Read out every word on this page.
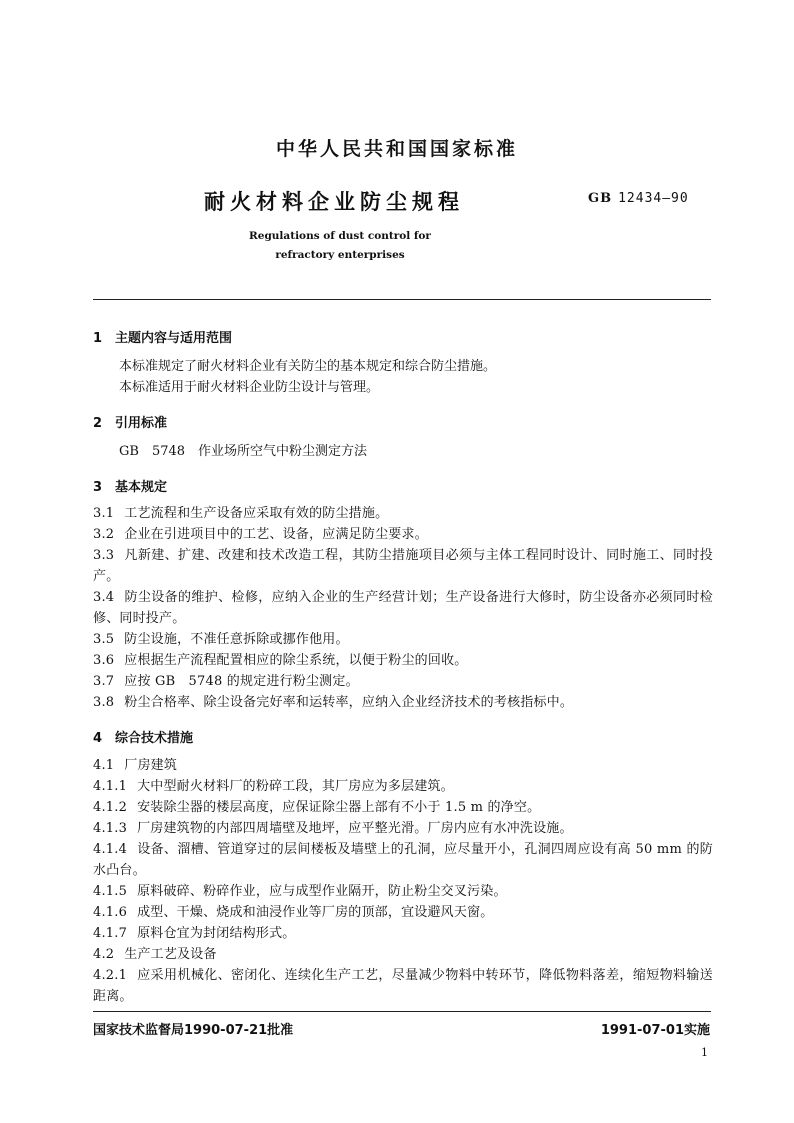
中华人民共和国国家标准
耐火材料企业防尘规程	GB 12434—90
Regulations of dust control for
refractory enterprises
1 主题内容与适用范围
本标准规定了耐火材料企业有关防尘的基本规定和综合防尘措施。
本标准适用于耐火材料企业防尘设计与管理。
2 引用标准
GB　5748　作业场所空气中粉尘测定方法
3 基本规定
3.1 工艺流程和生产设备应采取有效的防尘措施。
3.2 企业在引进项目中的工艺、设备，应满足防尘要求。
3.3 凡新建、扩建、改建和技术改造工程，其防尘措施项目必须与主体工程同时设计、同时施工、同时投产。
3.4 防尘设备的维护、检修，应纳入企业的生产经营计划；生产设备进行大修时，防尘设备亦必须同时检修、同时投产。
3.5 防尘设施，不准任意拆除或挪作他用。
3.6 应根据生产流程配置相应的除尘系统，以便于粉尘的回收。
3.7 应按 GB　5748 的规定进行粉尘测定。
3.8 粉尘合格率、除尘设备完好率和运转率，应纳入企业经济技术的考核指标中。
4 综合技术措施
4.1 厂房建筑
4.1.1 大中型耐火材料厂的粉碎工段，其厂房应为多层建筑。
4.1.2 安装除尘器的楼层高度，应保证除尘器上部有不小于 1.5 m 的净空。
4.1.3 厂房建筑物的内部四周墙壁及地坪，应平整光滑。厂房内应有水冲洗设施。
4.1.4 设备、溜槽、管道穿过的层间楼板及墙壁上的孔洞，应尽量开小，孔洞四周应设有高 50 mm 的防水凸台。
4.1.5 原料破碎、粉碎作业，应与成型作业隔开，防止粉尘交叉污染。
4.1.6 成型、干燥、烧成和油浸作业等厂房的顶部，宜设避风天窗。
4.1.7 原料仓宜为封闭结构形式。
4.2 生产工艺及设备
4.2.1 应采用机械化、密闭化、连续化生产工艺，尽量减少物料中转环节，降低物料落差，缩短物料输送距离。
国家技术监督局1990-07-21批准	1991-07-01实施
1
